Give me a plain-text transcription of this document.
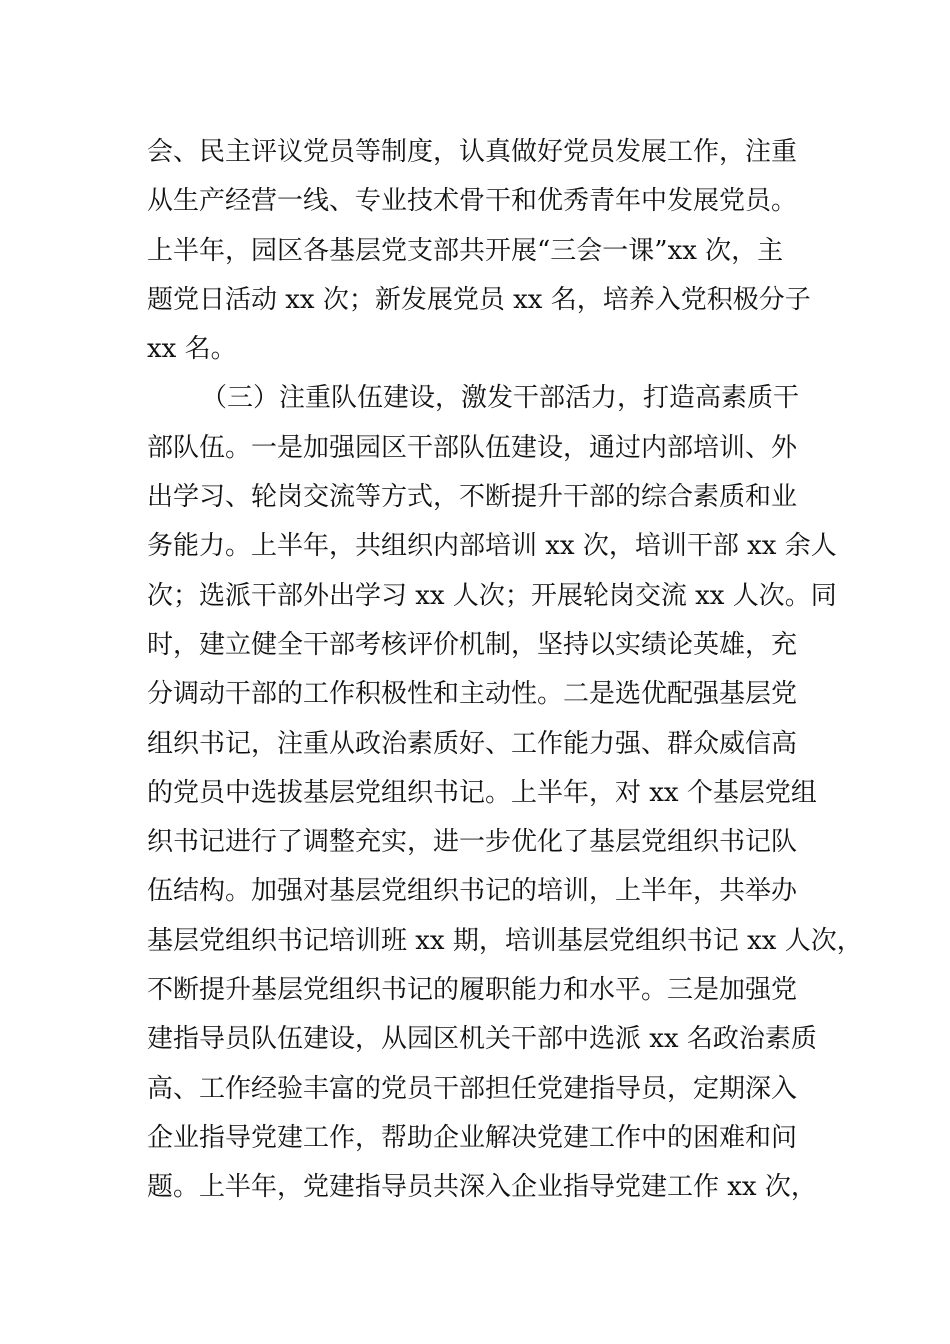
会、民主评议党员等制度，认真做好党员发展工作，注重
从生产经营一线、专业技术骨干和优秀青年中发展党员。
上半年，园区各基层党支部共开展“三会一课”xx 次，主
题党日活动 xx 次；新发展党员 xx 名，培养入党积极分子
xx 名。
（三）注重队伍建设，激发干部活力，打造高素质干
部队伍。一是加强园区干部队伍建设，通过内部培训、外
出学习、轮岗交流等方式，不断提升干部的综合素质和业
务能力。上半年，共组织内部培训 xx 次，培训干部 xx 余人
次；选派干部外出学习 xx 人次；开展轮岗交流 xx 人次。同
时，建立健全干部考核评价机制，坚持以实绩论英雄，充
分调动干部的工作积极性和主动性。二是选优配强基层党
组织书记，注重从政治素质好、工作能力强、群众威信高
的党员中选拔基层党组织书记。上半年，对 xx 个基层党组
织书记进行了调整充实，进一步优化了基层党组织书记队
伍结构。加强对基层党组织书记的培训，上半年，共举办
基层党组织书记培训班 xx 期，培训基层党组织书记 xx 人次，
不断提升基层党组织书记的履职能力和水平。三是加强党
建指导员队伍建设，从园区机关干部中选派 xx 名政治素质
高、工作经验丰富的党员干部担任党建指导员，定期深入
企业指导党建工作，帮助企业解决党建工作中的困难和问
题。上半年，党建指导员共深入企业指导党建工作 xx 次，
